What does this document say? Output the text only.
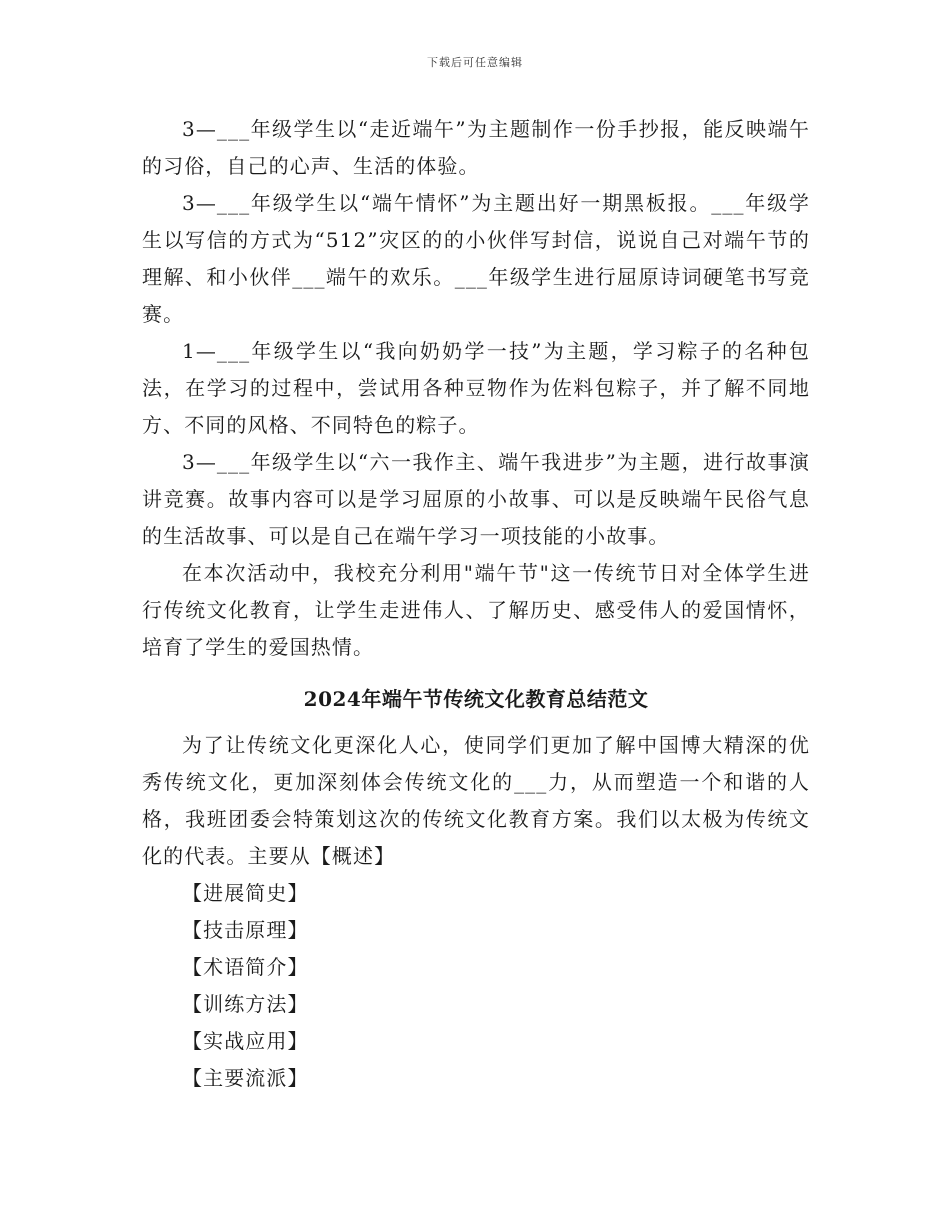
下载后可任意编辑

3—___年级学生以“走近端午”为主题制作一份手抄报，能反映端午的习俗，自己的心声、生活的体验。

3—___年级学生以“端午情怀”为主题出好一期黑板报。___年级学生以写信的方式为“512”灾区的的小伙伴写封信，说说自己对端午节的理解、和小伙伴___端午的欢乐。___年级学生进行屈原诗词硬笔书写竞赛。

1—___年级学生以“我向奶奶学一技”为主题，学习粽子的名种包法，在学习的过程中，尝试用各种豆物作为佐料包粽子，并了解不同地方、不同的风格、不同特色的粽子。

3—___年级学生以“六一我作主、端午我进步”为主题，进行故事演讲竞赛。故事内容可以是学习屈原的小故事、可以是反映端午民俗气息的生活故事、可以是自己在端午学习一项技能的小故事。

在本次活动中，我校充分利用"端午节"这一传统节日对全体学生进行传统文化教育，让学生走进伟人、了解历史、感受伟人的爱国情怀，培育了学生的爱国热情。

2024年端午节传统文化教育总结范文

为了让传统文化更深化人心，使同学们更加了解中国博大精深的优秀传统文化，更加深刻体会传统文化的___力，从而塑造一个和谐的人格，我班团委会特策划这次的传统文化教育方案。我们以太极为传统文化的代表。主要从【概述】

【进展简史】
【技击原理】
【术语简介】
【训练方法】
【实战应用】
【主要流派】
